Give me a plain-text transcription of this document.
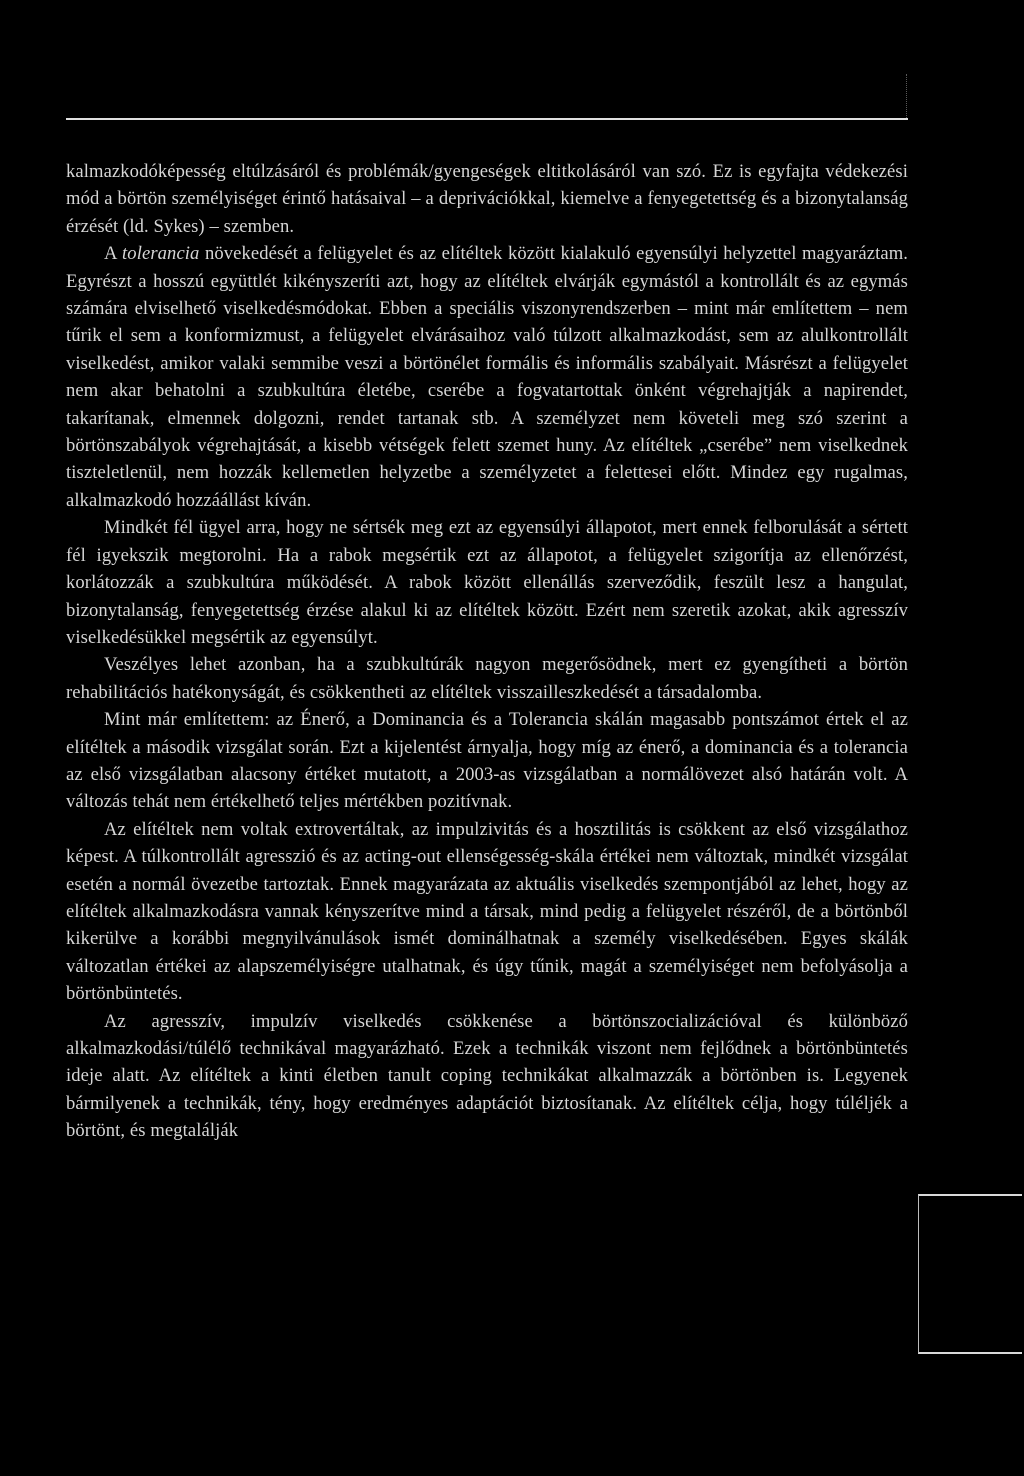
kalmazkodóképesség eltúlzásáról és problémák/gyengeségek eltitkolásáról van szó. Ez is egyfajta védekezési mód a börtön személyiséget érintő hatásaival – a deprivációkkal, kiemelve a fenyegetettség és a bizonytalanság érzését (ld. Sykes) – szemben.

A tolerancia növekedését a felügyelet és az elítéltek között kialakuló egyensúlyi helyzettel magyaráztam. Egyrészt a hosszú együttlét kikényszeríti azt, hogy az elítéltek elvárják egymástól a kontrollált és az egymás számára elviselhető viselkedésmódokat. Ebben a speciális viszonyrendszerben – mint már említettem – nem tűrik el sem a konformizmust, a felügyelet elvárásaihoz való túlzott alkalmazkodást, sem az alulkontrollált viselkedést, amikor valaki semmibe veszi a börtönélet formális és informális szabályait. Másrészt a felügyelet nem akar behatolni a szubkultúra életébe, cserébe a fogvatartottak önként végrehajtják a napirendet, takarítanak, elmennek dolgozni, rendet tartanak stb. A személyzet nem követeli meg szó szerint a börtönszabályok végrehajtását, a kisebb vétségek felett szemet huny. Az elítéltek „cserébe” nem viselkednek tiszteletlenül, nem hozzák kellemetlen helyzetbe a személyzetet a felettesei előtt. Mindez egy rugalmas, alkalmazkodó hozzáállást kíván.

Mindkét fél ügyel arra, hogy ne sértsék meg ezt az egyensúlyi állapotot, mert ennek felborulását a sértett fél igyekszik megtorolni. Ha a rabok megsértik ezt az állapotot, a felügyelet szigorítja az ellenőrzést, korlátozzák a szubkultúra működését. A rabok között ellenállás szerveződik, feszült lesz a hangulat, bizonytalanság, fenyegetettség érzése alakul ki az elítéltek között. Ezért nem szeretik azokat, akik agresszív viselkedésükkel megsértik az egyensúlyt.

Veszélyes lehet azonban, ha a szubkultúrák nagyon megerősödnek, mert ez gyengítheti a börtön rehabilitációs hatékonyságát, és csökkentheti az elítéltek visszailleszkedését a társadalomba.

Mint már említettem: az Énerő, a Dominancia és a Tolerancia skálán magasabb pontszámot értek el az elítéltek a második vizsgálat során. Ezt a kijelentést árnyalja, hogy míg az énerő, a dominancia és a tolerancia az első vizsgálatban alacsony értéket mutatott, a 2003-as vizsgálatban a normálövezet alsó határán volt. A változás tehát nem értékelhető teljes mértékben pozitívnak.

Az elítéltek nem voltak extrovertáltak, az impulzivitás és a hosztilitás is csökkent az első vizsgálathoz képest. A túlkontrollált agresszió és az acting-out ellenségesség-skála értékei nem változtak, mindkét vizsgálat esetén a normál övezetbe tartoztak. Ennek magyarázata az aktuális viselkedés szempontjából az lehet, hogy az elítéltek alkalmazkodásra vannak kényszerítve mind a társak, mind pedig a felügyelet részéről, de a börtönből kikerülve a korábbi megnyilvánulások ismét dominálhatnak a személy viselkedésében. Egyes skálák változatlan értékei az alapszemélyiségre utalhatnak, és úgy tűnik, magát a személyiséget nem befolyásolja a börtönbüntetés.

Az agresszív, impulzív viselkedés csökkenése a börtönszocializációval és különböző alkalmazkodási/túlélő technikával magyarázható. Ezek a technikák viszont nem fejlődnek a börtönbüntetés ideje alatt. Az elítéltek a kinti életben tanult coping technikákat alkalmazzák a börtönben is. Legyenek bármilyenek a technikák, tény, hogy eredményes adaptációt biztosítanak. Az elítéltek célja, hogy túléljék a börtönt, és megtalálják
